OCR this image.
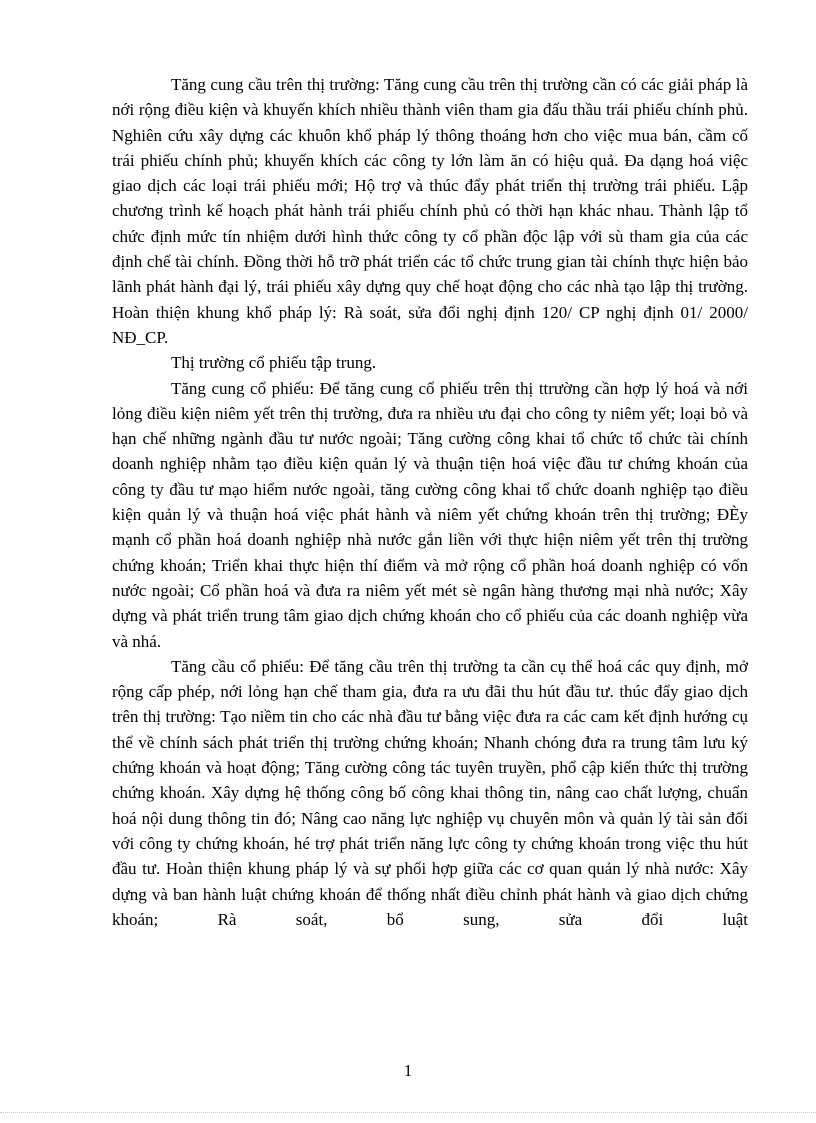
Tăng cung cầu trên thị trường: Tăng cung cầu trên thị trường cần có các giải pháp là nới rộng điều kiện và khuyến khích nhiều thành viên tham gia đấu thầu trái phiếu chính phủ. Nghiên cứu xây dựng các khuôn khổ pháp lý thông thoáng hơn cho việc mua bán, cầm cố trái phiếu chính phủ; khuyến khích các công ty lớn làm ăn có hiệu quả. Đa dạng hoá việc giao dịch các loại trái phiếu mới; Hộ trợ và thúc đẩy phát triển thị trường trái phiếu. Lập chương trình kế hoạch phát hành trái phiếu chính phủ có thời hạn khác nhau. Thành lập tổ chức định mức tín nhiệm dưới hình thức công ty cổ phần độc lập với sù tham gia của các định chế tài chính. Đồng thời hỗ trỡ phát triển các tổ chức trung gian tài chính thực hiện bảo lãnh phát hành đại lý, trái phiếu xây dựng quy chế hoạt động cho các nhà tạo lập thị trường. Hoàn thiện khung khổ pháp lý: Rà soát, sửa đổi nghị định 120/ CP nghị định 01/ 2000/ NĐ_CP.

Thị trường cổ phiếu tập trung.

Tăng cung cổ phiếu: Để tăng cung cổ phiếu trên thị ttrường cần hợp lý hoá và nới lỏng điều kiện niêm yết trên thị trường, đưa ra nhiều ưu đại cho công ty niêm yết; loại bỏ và hạn chế những ngành đầu tư nước ngoài; Tăng cường công khai tổ chức tổ chức tài chính doanh nghiệp nhằm tạo điều kiện quản lý và thuận tiện hoá việc đầu tư chứng khoán của công ty đầu tư mạo hiểm nước ngoài, tăng cường công khai tổ chức doanh nghiệp tạo điều kiện quản lý và thuận hoá việc phát hành và niêm yết chứng khoán trên thị trường; ĐÈy mạnh cổ phần hoá doanh nghiệp nhà nước gắn liền với thực hiện niêm yết trên thị trường chứng khoán; Triển khai thực hiện thí điểm và mở rộng cổ phần hoá doanh nghiệp có vốn nước ngoài; Cổ phần hoá và đưa ra niêm yết mét sè ngân hàng thương mại nhà nước; Xây dựng và phát triển trung tâm giao dịch chứng khoán cho cổ phiếu của các doanh nghiệp vừa và nhá.

Tăng cầu cổ phiếu: Để tăng cầu trên thị trường ta cần cụ thể hoá các quy định, mở rộng cấp phép, nới lỏng hạn chế tham gia, đưa ra ưu đãi thu hút đầu tư. thúc đẩy giao dịch trên thị trường: Tạo niềm tin cho các nhà đầu tư bằng việc đưa ra các cam kết định hướng cụ thể về chính sách phát triển thị trường chứng khoán; Nhanh chóng đưa ra trung tâm lưu ký chứng khoán và hoạt động; Tăng cường công tác tuyên truyền, phổ cập kiến thức thị trường chứng khoán. Xây dựng hệ thống công bố công khai thông tin, nâng cao chất lượng, chuẩn hoá nội dung thông tin đó; Nâng cao năng lực nghiệp vụ chuyên môn và quản lý tài sản đối với công ty chứng khoán, hé trợ phát triển năng lực công ty chứng khoán trong việc thu hút đầu tư. Hoàn thiện khung pháp lý và sự phối hợp giữa các cơ quan quản lý nhà nước: Xây dựng và ban hành luật chứng khoán để thống nhất điều chỉnh phát hành và giao dịch chứng khoán; Rà soát, bổ sung, sửa đổi luật

1
